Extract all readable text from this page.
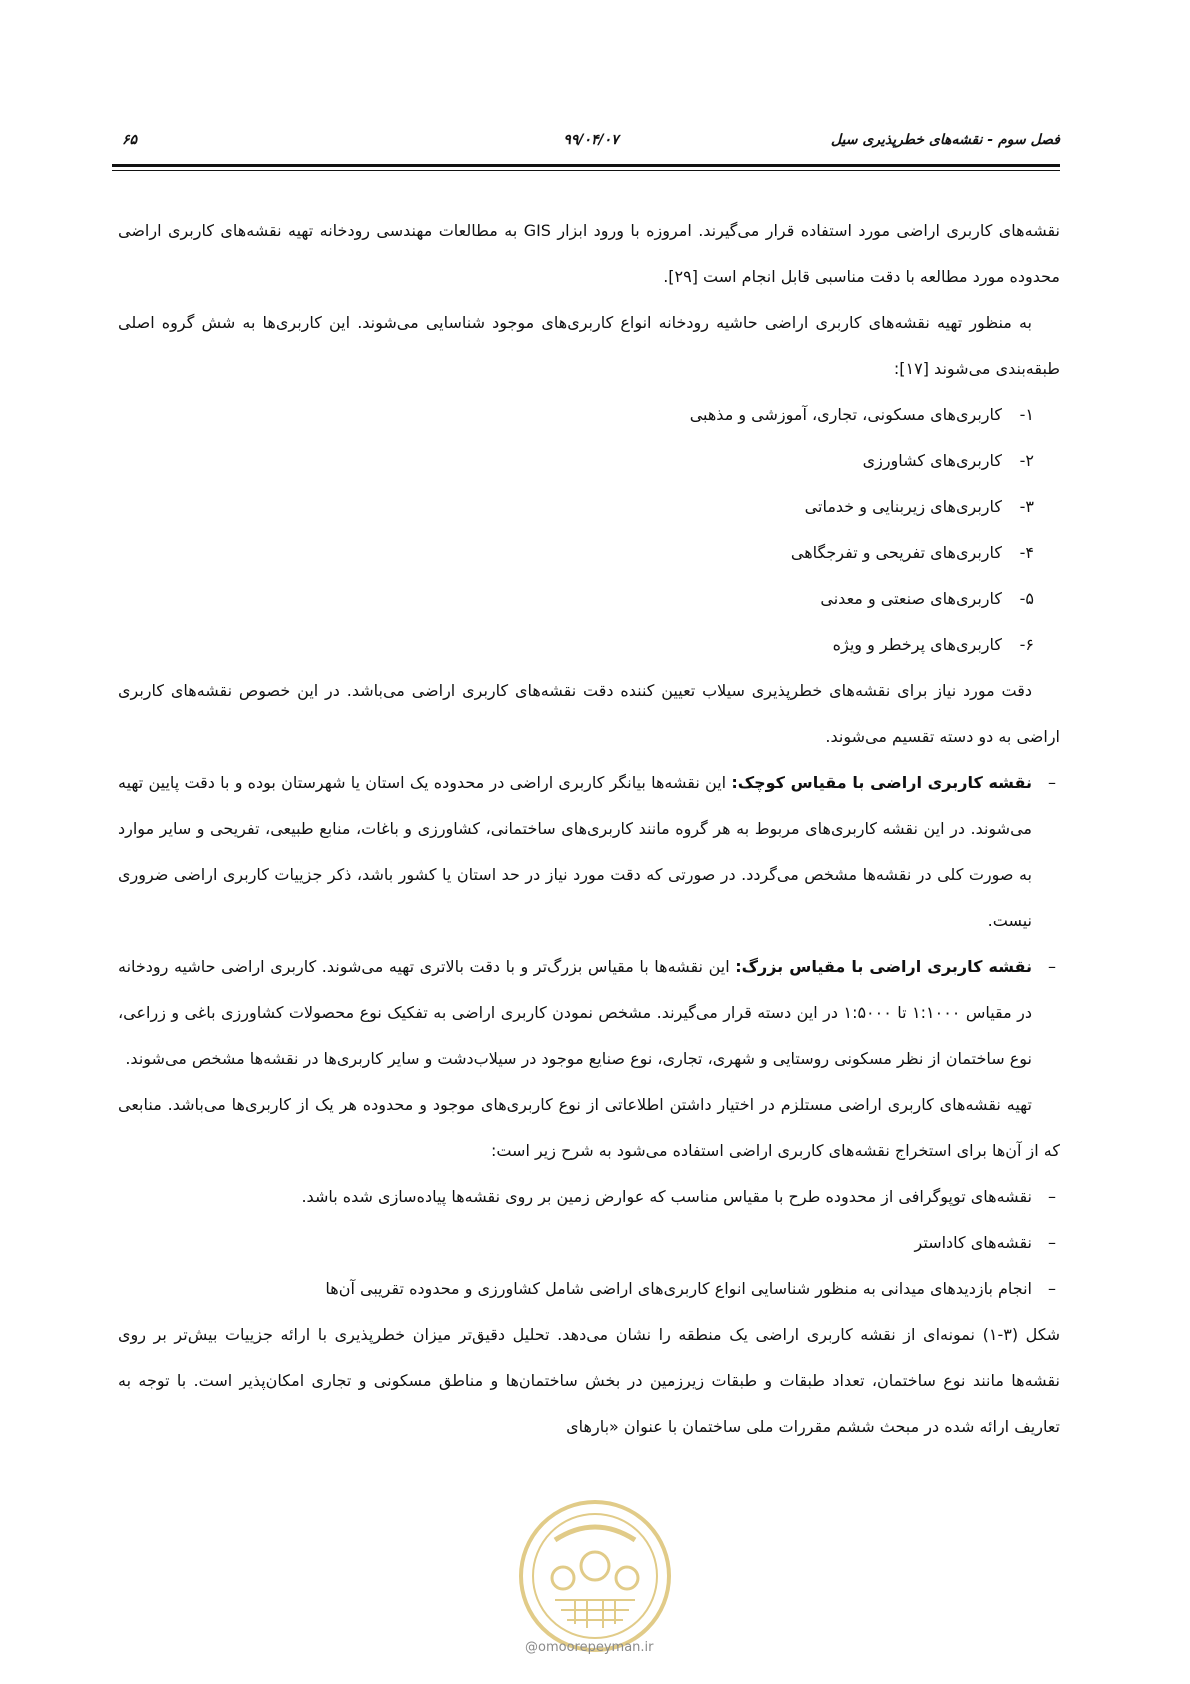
فصل سوم - نقشه‌های خطرپذیری سیل
۹۹/۰۴/۰۷
۶۵

نقشه‌های کاربری اراضی مورد استفاده قرار می‌گیرند. امروزه با ورود ابزار GIS به مطالعات مهندسی رودخانه تهیه نقشه‌های کاربری اراضی محدوده مورد مطالعه با دقت مناسبی قابل انجام است [۲۹].

به منظور تهیه نقشه‌های کاربری اراضی حاشیه رودخانه انواع کاربری‌های موجود شناسایی می‌شوند. این کاربری‌ها به شش گروه اصلی طبقه‌بندی می‌شوند [۱۷]:

۱-کاربری‌های مسکونی، تجاری، آموزشی و مذهبی

۲-کاربری‌های کشاورزی

۳-کاربری‌های زیربنایی و خدماتی

۴-کاربری‌های تفریحی و تفرجگاهی

۵-کاربری‌های صنعتی و معدنی

۶-کاربری‌های پرخطر و ویژه

دقت مورد نیاز برای نقشه‌های خطرپذیری سیلاب تعیین کننده دقت نقشه‌های کاربری اراضی می‌باشد. در این خصوص نقشه‌های کاربری اراضی به دو دسته تقسیم می‌شوند.

–
نقشه کاربری اراضی با مقیاس کوچک: این نقشه‌ها بیانگر کاربری اراضی در محدوده یک استان یا شهرستان بوده و با دقت پایین تهیه می‌شوند. در این نقشه کاربری‌های مربوط به هر گروه مانند کاربری‌های ساختمانی، کشاورزی و باغات، منابع طبیعی، تفریحی و سایر موارد به صورت کلی در نقشه‌ها مشخص می‌گردد. در صورتی که دقت مورد نیاز در حد استان یا کشور باشد، ذکر جزییات کاربری اراضی ضروری نیست.

–
نقشه کاربری اراضی با مقیاس بزرگ: این نقشه‌ها با مقیاس بزرگ‌تر و با دقت بالاتری تهیه می‌شوند. کاربری اراضی حاشیه رودخانه در مقیاس ۱:۱۰۰۰ تا ۱:۵۰۰۰ در این دسته قرار می‌گیرند. مشخص نمودن کاربری اراضی به تفکیک نوع محصولات کشاورزی باغی و زراعی، نوع ساختمان از نظر مسکونی روستایی و شهری، تجاری، نوع صنایع موجود در سیلاب‌دشت و سایر کاربری‌ها در نقشه‌ها مشخص می‌شوند.

تهیه نقشه‌های کاربری اراضی مستلزم در اختیار داشتن اطلاعاتی از نوع کاربری‌های موجود و محدوده هر یک از کاربری‌ها می‌باشد. منابعی که از آن‌ها برای استخراج نقشه‌های کاربری اراضی استفاده می‌شود به شرح زیر است:

–
نقشه‌های توپوگرافی از محدوده طرح با مقیاس مناسب که عوارض زمین بر روی نقشه‌ها پیاده‌سازی شده باشد.

–
نقشه‌های کاداستر

–
انجام بازدیدهای میدانی به منظور شناسایی انواع کاربری‌های اراضی شامل کشاورزی و محدوده تقریبی آن‌ها

شکل (۳-۱) نمونه‌ای از نقشه کاربری اراضی یک منطقه را نشان می‌دهد. تحلیل دقیق‌تر میزان خطرپذیری با ارائه جزییات بیش‌تر بر روی نقشه‌ها مانند نوع ساختمان، تعداد طبقات و طبقات زیرزمین در بخش ساختمان‌ها و مناطق مسکونی و تجاری امکان‌پذیر است. با توجه به تعاریف ارائه شده در مبحث ششم مقررات ملی ساختمان با عنوان «بارهای

@omoorepeyman.ir
